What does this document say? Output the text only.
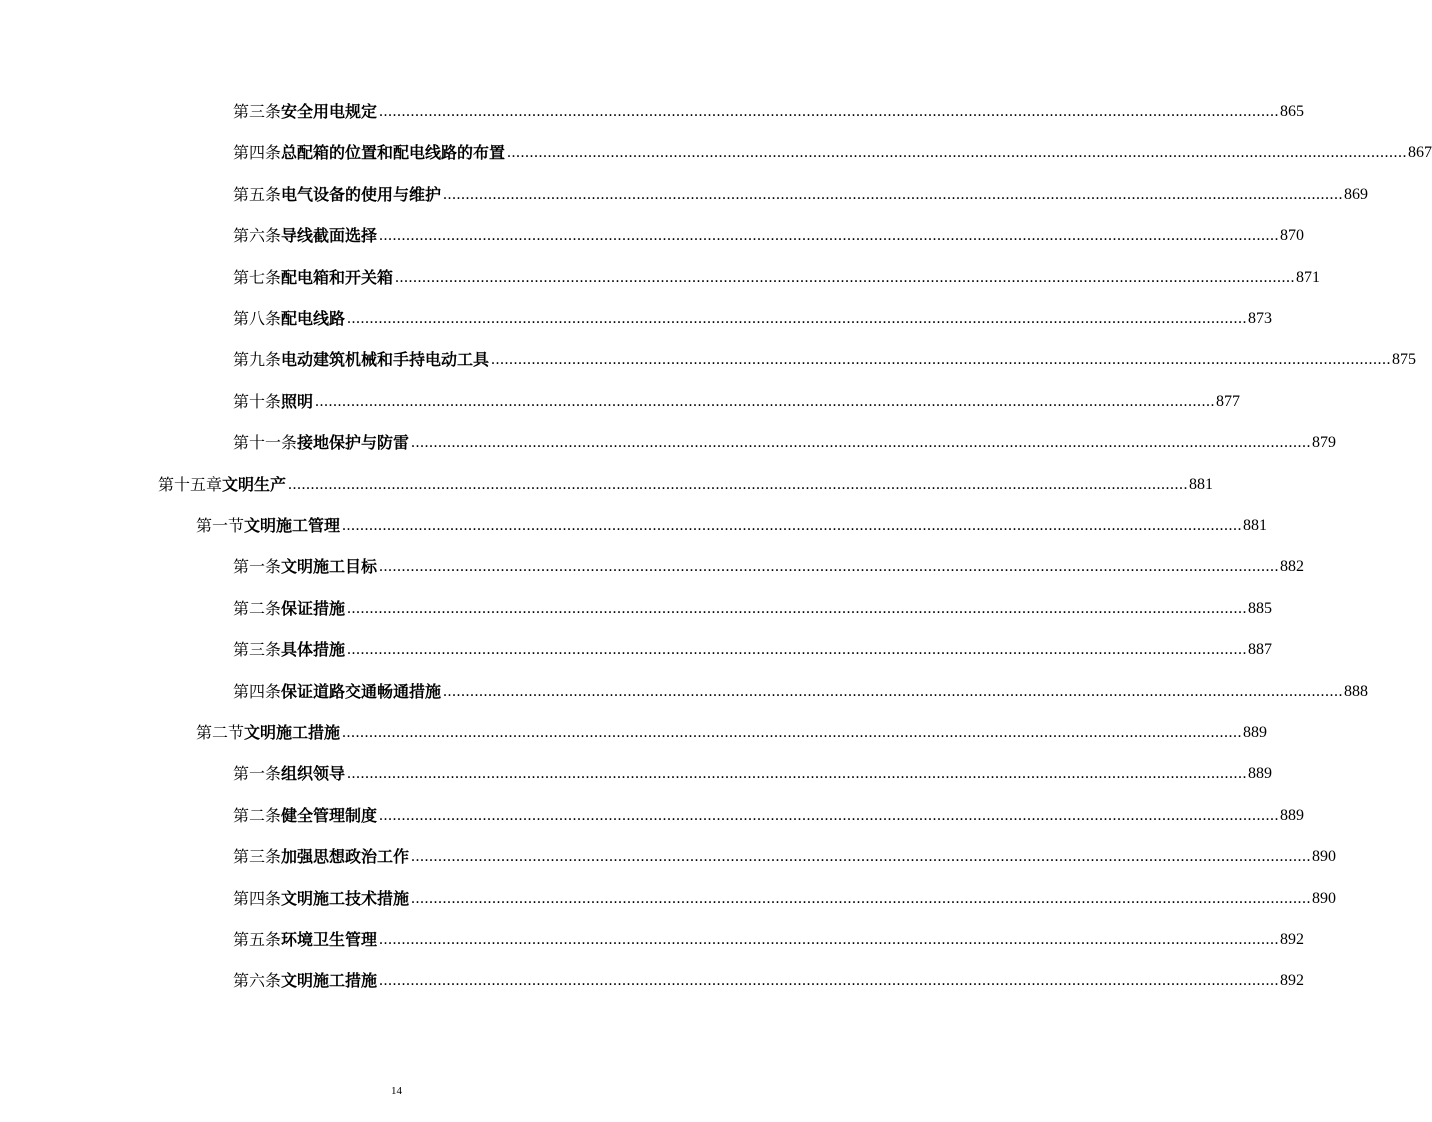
第三条 安全用电规定 ........................................................................................................................................................................................................ 865
第四条 总配箱的位置和配电线路的布置 ........................................................................................................................................................................................................ 867
第五条 电气设备的使用与维护 ........................................................................................................................................................................................................ 869
第六条 导线截面选择 ........................................................................................................................................................................................................ 870
第七条 配电箱和开关箱 ........................................................................................................................................................................................................ 871
第八条 配电线路 ........................................................................................................................................................................................................ 873
第九条 电动建筑机械和手持电动工具 ........................................................................................................................................................................................................ 875
第十条 照明 ........................................................................................................................................................................................................ 877
第十一条 接地保护与防雷 ........................................................................................................................................................................................................ 879
第十五章 文明生产 ........................................................................................................................................................................................................ 881
第一节 文明施工管理 ........................................................................................................................................................................................................ 881
第一条 文明施工目标 ........................................................................................................................................................................................................ 882
第二条 保证措施 ........................................................................................................................................................................................................ 885
第三条 具体措施 ........................................................................................................................................................................................................ 887
第四条 保证道路交通畅通措施 ........................................................................................................................................................................................................ 888
第二节 文明施工措施 ........................................................................................................................................................................................................ 889
第一条 组织领导 ........................................................................................................................................................................................................ 889
第二条 健全管理制度 ........................................................................................................................................................................................................ 889
第三条 加强思想政治工作 ........................................................................................................................................................................................................ 890
第四条 文明施工技术措施 ........................................................................................................................................................................................................ 890
第五条 环境卫生管理 ........................................................................................................................................................................................................ 892
第六条 文明施工措施 ........................................................................................................................................................................................................ 892
14
